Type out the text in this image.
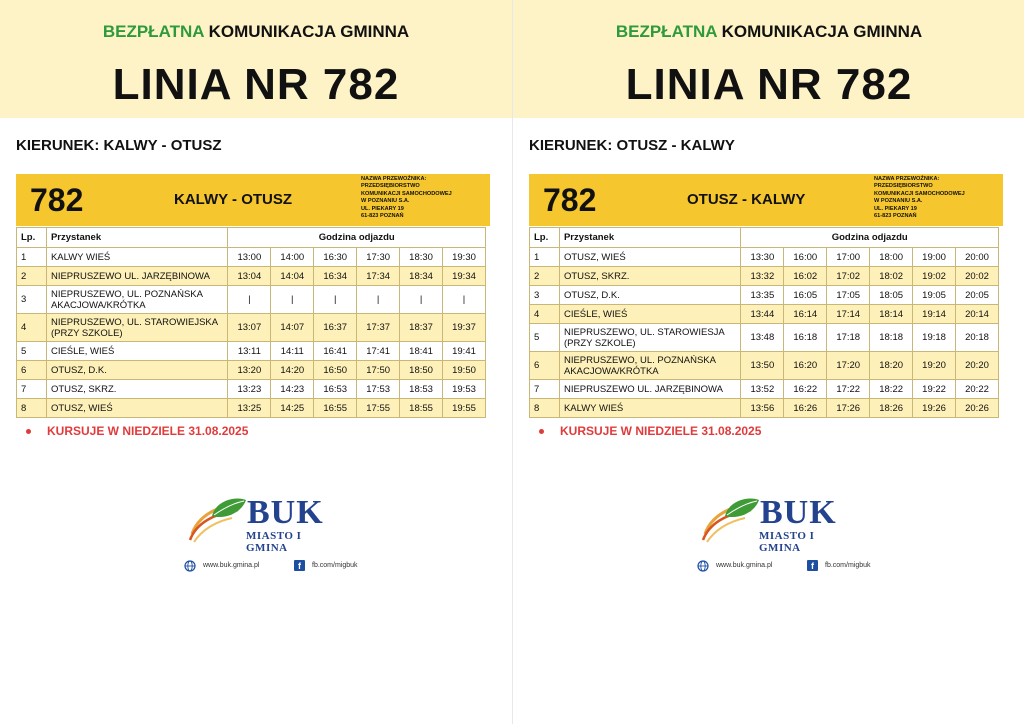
BEZPŁATNA KOMUNIKACJA GMINNA
LINIA NR 782
KIERUNEK: KALWY - OTUSZ
782	KALWY - OTUSZ
NAZWA PRZEWOŹNIKA:
PRZEDSIĘBIORSTWO
KOMUNIKACJI SAMOCHODOWEJ
W POZNANIU S.A.
UL. PIEKARY 19
61-823 POZNAŃ
Lp.	Przystanek	Godzina odjazdu					
1	KALWY WIEŚ	13:00	14:00	16:30	17:30	18:30	19:30
2	NIEPRUSZEWO UL. JARZĘBINOWA	13:04	14:04	16:34	17:34	18:34	19:34
3	NIEPRUSZEWO, UL. POZNAŃSKA AKACJOWA/KRÓTKA	|	|	|	|	|	|
4	NIEPRUSZEWO, UL. STAROWIEJSKA (PRZY SZKOLE)	13:07	14:07	16:37	17:37	18:37	19:37
5	CIEŚLE, WIEŚ	13:11	14:11	16:41	17:41	18:41	19:41
6	OTUSZ, D.K.	13:20	14:20	16:50	17:50	18:50	19:50
7	OTUSZ, SKRZ.	13:23	14:23	16:53	17:53	18:53	19:53
8	OTUSZ, WIEŚ	13:25	14:25	16:55	17:55	18:55	19:55
KURSUJE W NIEDZIELE 31.08.2025
BUK
MIASTO I GMINA
www.buk.gmina.pl	f	fb.com/migbuk
BEZPŁATNA KOMUNIKACJA GMINNA
LINIA NR 782
KIERUNEK: OTUSZ - KALWY
782	OTUSZ - KALWY
NAZWA PRZEWOŹNIKA:
PRZEDSIĘBIORSTWO
KOMUNIKACJI SAMOCHODOWEJ
W POZNANIU S.A.
UL. PIEKARY 19
61-823 POZNAŃ
Lp.	Przystanek	Godzina odjazdu					
1	OTUSZ, WIEŚ	13:30	16:00	17:00	18:00	19:00	20:00
2	OTUSZ, SKRZ.	13:32	16:02	17:02	18:02	19:02	20:02
3	OTUSZ, D.K.	13:35	16:05	17:05	18:05	19:05	20:05
4	CIEŚLE, WIEŚ	13:44	16:14	17:14	18:14	19:14	20:14
5	NIEPRUSZEWO, UL. STAROWIESJA (PRZY SZKOLE)	13:48	16:18	17:18	18:18	19:18	20:18
6	NIEPRUSZEWO, UL. POZNAŃSKA AKACJOWA/KRÓTKA	13:50	16:20	17:20	18:20	19:20	20:20
7	NIEPRUSZEWO UL. JARZĘBINOWA	13:52	16:22	17:22	18:22	19:22	20:22
8	KALWY WIEŚ	13:56	16:26	17:26	18:26	19:26	20:26
KURSUJE W NIEDZIELE 31.08.2025
BUK
MIASTO I GMINA
www.buk.gmina.pl	f	fb.com/migbuk
